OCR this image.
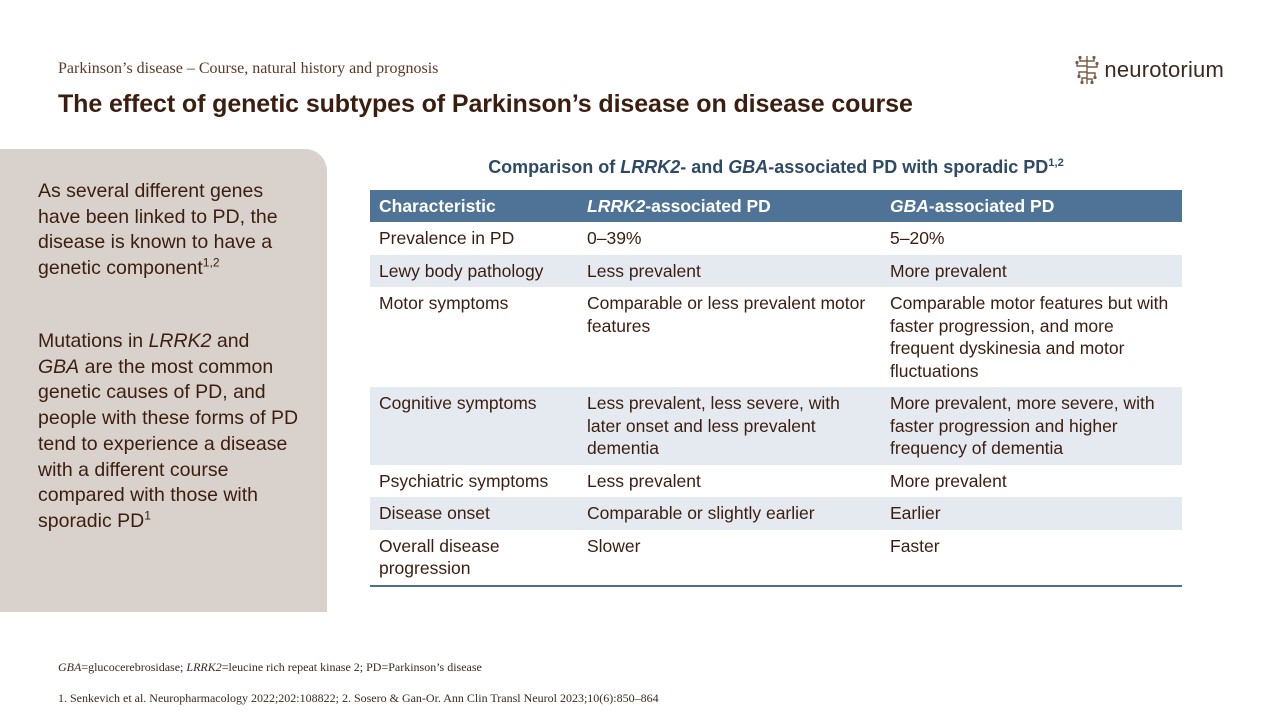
Parkinson’s disease – Course, natural history and prognosis
The effect of genetic subtypes of Parkinson’s disease on disease course
neurotorium

As several different genes have been linked to PD, the disease is known to have a genetic component$^{1,2}$

Mutations in LRRK2 and
GBA are the most common genetic causes of PD, and people with these forms of PD tend to experience a disease with a different course compared with those with sporadic $PD^1$

Comparison of LRRK2- and GBA-associated PD with sporadic PD$^{1,2}$
Characteristic	LRRK2-associated PD	GBA-associated PD
Prevalence in PD	0–39%	5–20%
Lewy body pathology	Less prevalent	More prevalent
Motor symptoms	Comparable or less prevalent motor features	Comparable motor features but with faster progression, and more frequent dyskinesia and motor fluctuations
Cognitive symptoms	Less prevalent, less severe, with later onset and less prevalent dementia	More prevalent, more severe, with faster progression and higher frequency of dementia
Psychiatric symptoms	Less prevalent	More prevalent
Disease onset	Comparable or slightly earlier	Earlier
Overall disease progression	Slower	Faster
GBA=glucocerebrosidase; LRRK2=leucine rich repeat kinase 2; PD=Parkinson’s disease
1. Senkevich et al. Neuropharmacology 2022;202:108822; 2. Sosero & Gan-Or. Ann Clin Transl Neurol 2023;10(6):850–864
